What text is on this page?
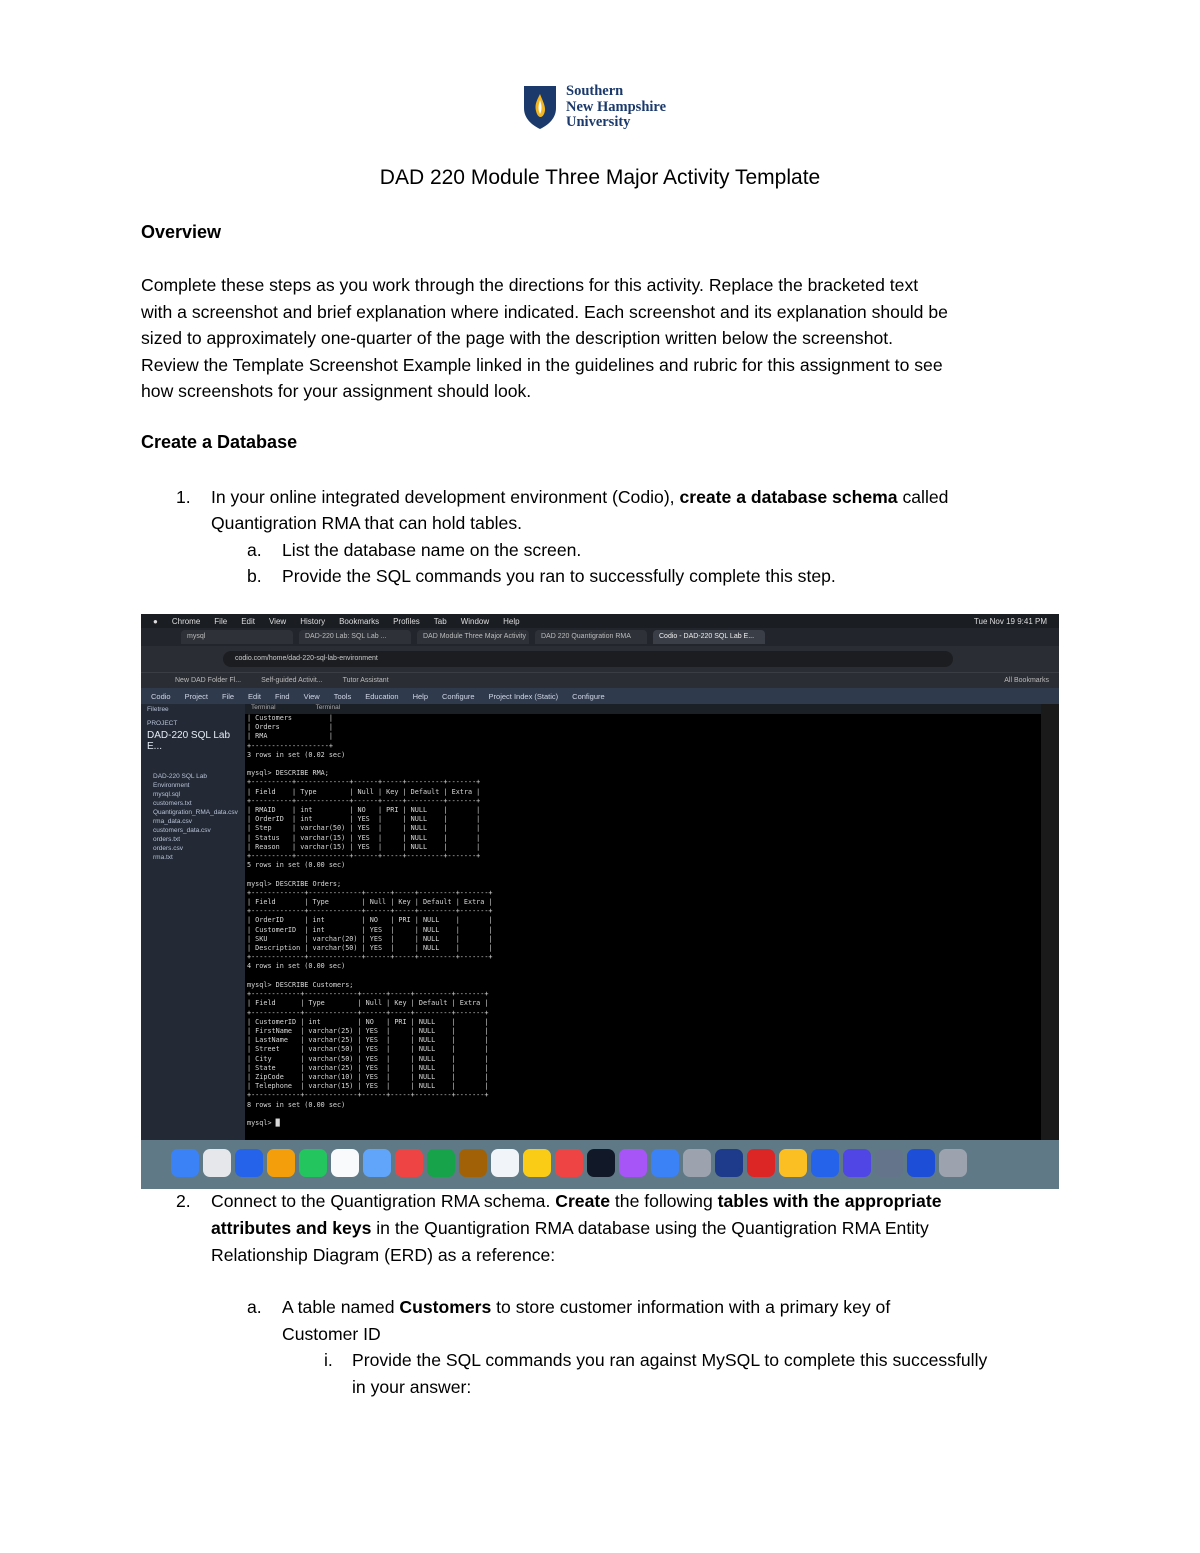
Southern
New Hampshire
University
DAD 220 Module Three Major Activity Template
Overview
Complete these steps as you work through the directions for this activity. Replace the bracketed text
with a screenshot and brief explanation where indicated. Each screenshot and its explanation should be
sized to approximately one-quarter of the page with the description written below the screenshot.
Review the Template Screenshot Example linked in the guidelines and rubric for this assignment to see
how screenshots for your assignment should look.
Create a Database
1. In your online integrated development environment (Codio), create a database schema called
Quantigration RMA that can hold tables.
a. List the database name on the screen.
b. Provide the SQL commands you ran to successfully complete this step.
● Chrome File Edit View History Bookmarks Profiles Tab Window Help	Tue Nov 19 9:41 PM
mysql	DAD-220 Lab: SQL Lab ...	DAD Module Three Major Activity	DAD 220 Quantigration RMA	Codio - DAD-220 SQL Lab E...
codio.com/home/dad-220-sql-lab-environment
New DAD Folder Fl...	Self-guided Activit...	Tutor Assistant	All Bookmarks
Codio Project File Edit Find View Tools Education Help Configure Project Index (Static) Configure
Filetree
PROJECT
DAD-220 SQL Lab E...
DAD-220 SQL Lab Environment
mysql.sql
customers.txt
Quantigration_RMA_data.csv
rma_data.csv
customers_data.csv
orders.txt
orders.csv
rma.txt
Terminal	Terminal
| Customers         |
| Orders            |
| RMA               |
+-------------------+
3 rows in set (0.02 sec)

mysql> DESCRIBE RMA;
+----------+-------------+------+-----+---------+-------+
| Field    | Type        | Null | Key | Default | Extra |
+----------+-------------+------+-----+---------+-------+
| RMAID    | int         | NO   | PRI | NULL    |       |
| OrderID  | int         | YES  |     | NULL    |       |
| Step     | varchar(50) | YES  |     | NULL    |       |
| Status   | varchar(15) | YES  |     | NULL    |       |
| Reason   | varchar(15) | YES  |     | NULL    |       |
+----------+-------------+------+-----+---------+-------+
5 rows in set (0.00 sec)

mysql> DESCRIBE Orders;
+-------------+-------------+------+-----+---------+-------+
| Field       | Type        | Null | Key | Default | Extra |
+-------------+-------------+------+-----+---------+-------+
| OrderID     | int         | NO   | PRI | NULL    |       |
| CustomerID  | int         | YES  |     | NULL    |       |
| SKU         | varchar(20) | YES  |     | NULL    |       |
| Description | varchar(50) | YES  |     | NULL    |       |
+-------------+-------------+------+-----+---------+-------+
4 rows in set (0.00 sec)

mysql> DESCRIBE Customers;
+------------+-------------+------+-----+---------+-------+
| Field      | Type        | Null | Key | Default | Extra |
+------------+-------------+------+-----+---------+-------+
| CustomerID | int         | NO   | PRI | NULL    |       |
| FirstName  | varchar(25) | YES  |     | NULL    |       |
| LastName   | varchar(25) | YES  |     | NULL    |       |
| Street     | varchar(50) | YES  |     | NULL    |       |
| City       | varchar(50) | YES  |     | NULL    |       |
| State      | varchar(25) | YES  |     | NULL    |       |
| ZipCode    | varchar(10) | YES  |     | NULL    |       |
| Telephone  | varchar(15) | YES  |     | NULL    |       |
+------------+-------------+------+-----+---------+-------+
8 rows in set (0.00 sec)

mysql> █
2. Connect to the Quantigration RMA schema. Create the following tables with the appropriate
attributes and keys in the Quantigration RMA database using the Quantigration RMA Entity
Relationship Diagram (ERD) as a reference:
a. A table named Customers to store customer information with a primary key of
Customer ID
i. Provide the SQL commands you ran against MySQL to complete this successfully
in your answer:
